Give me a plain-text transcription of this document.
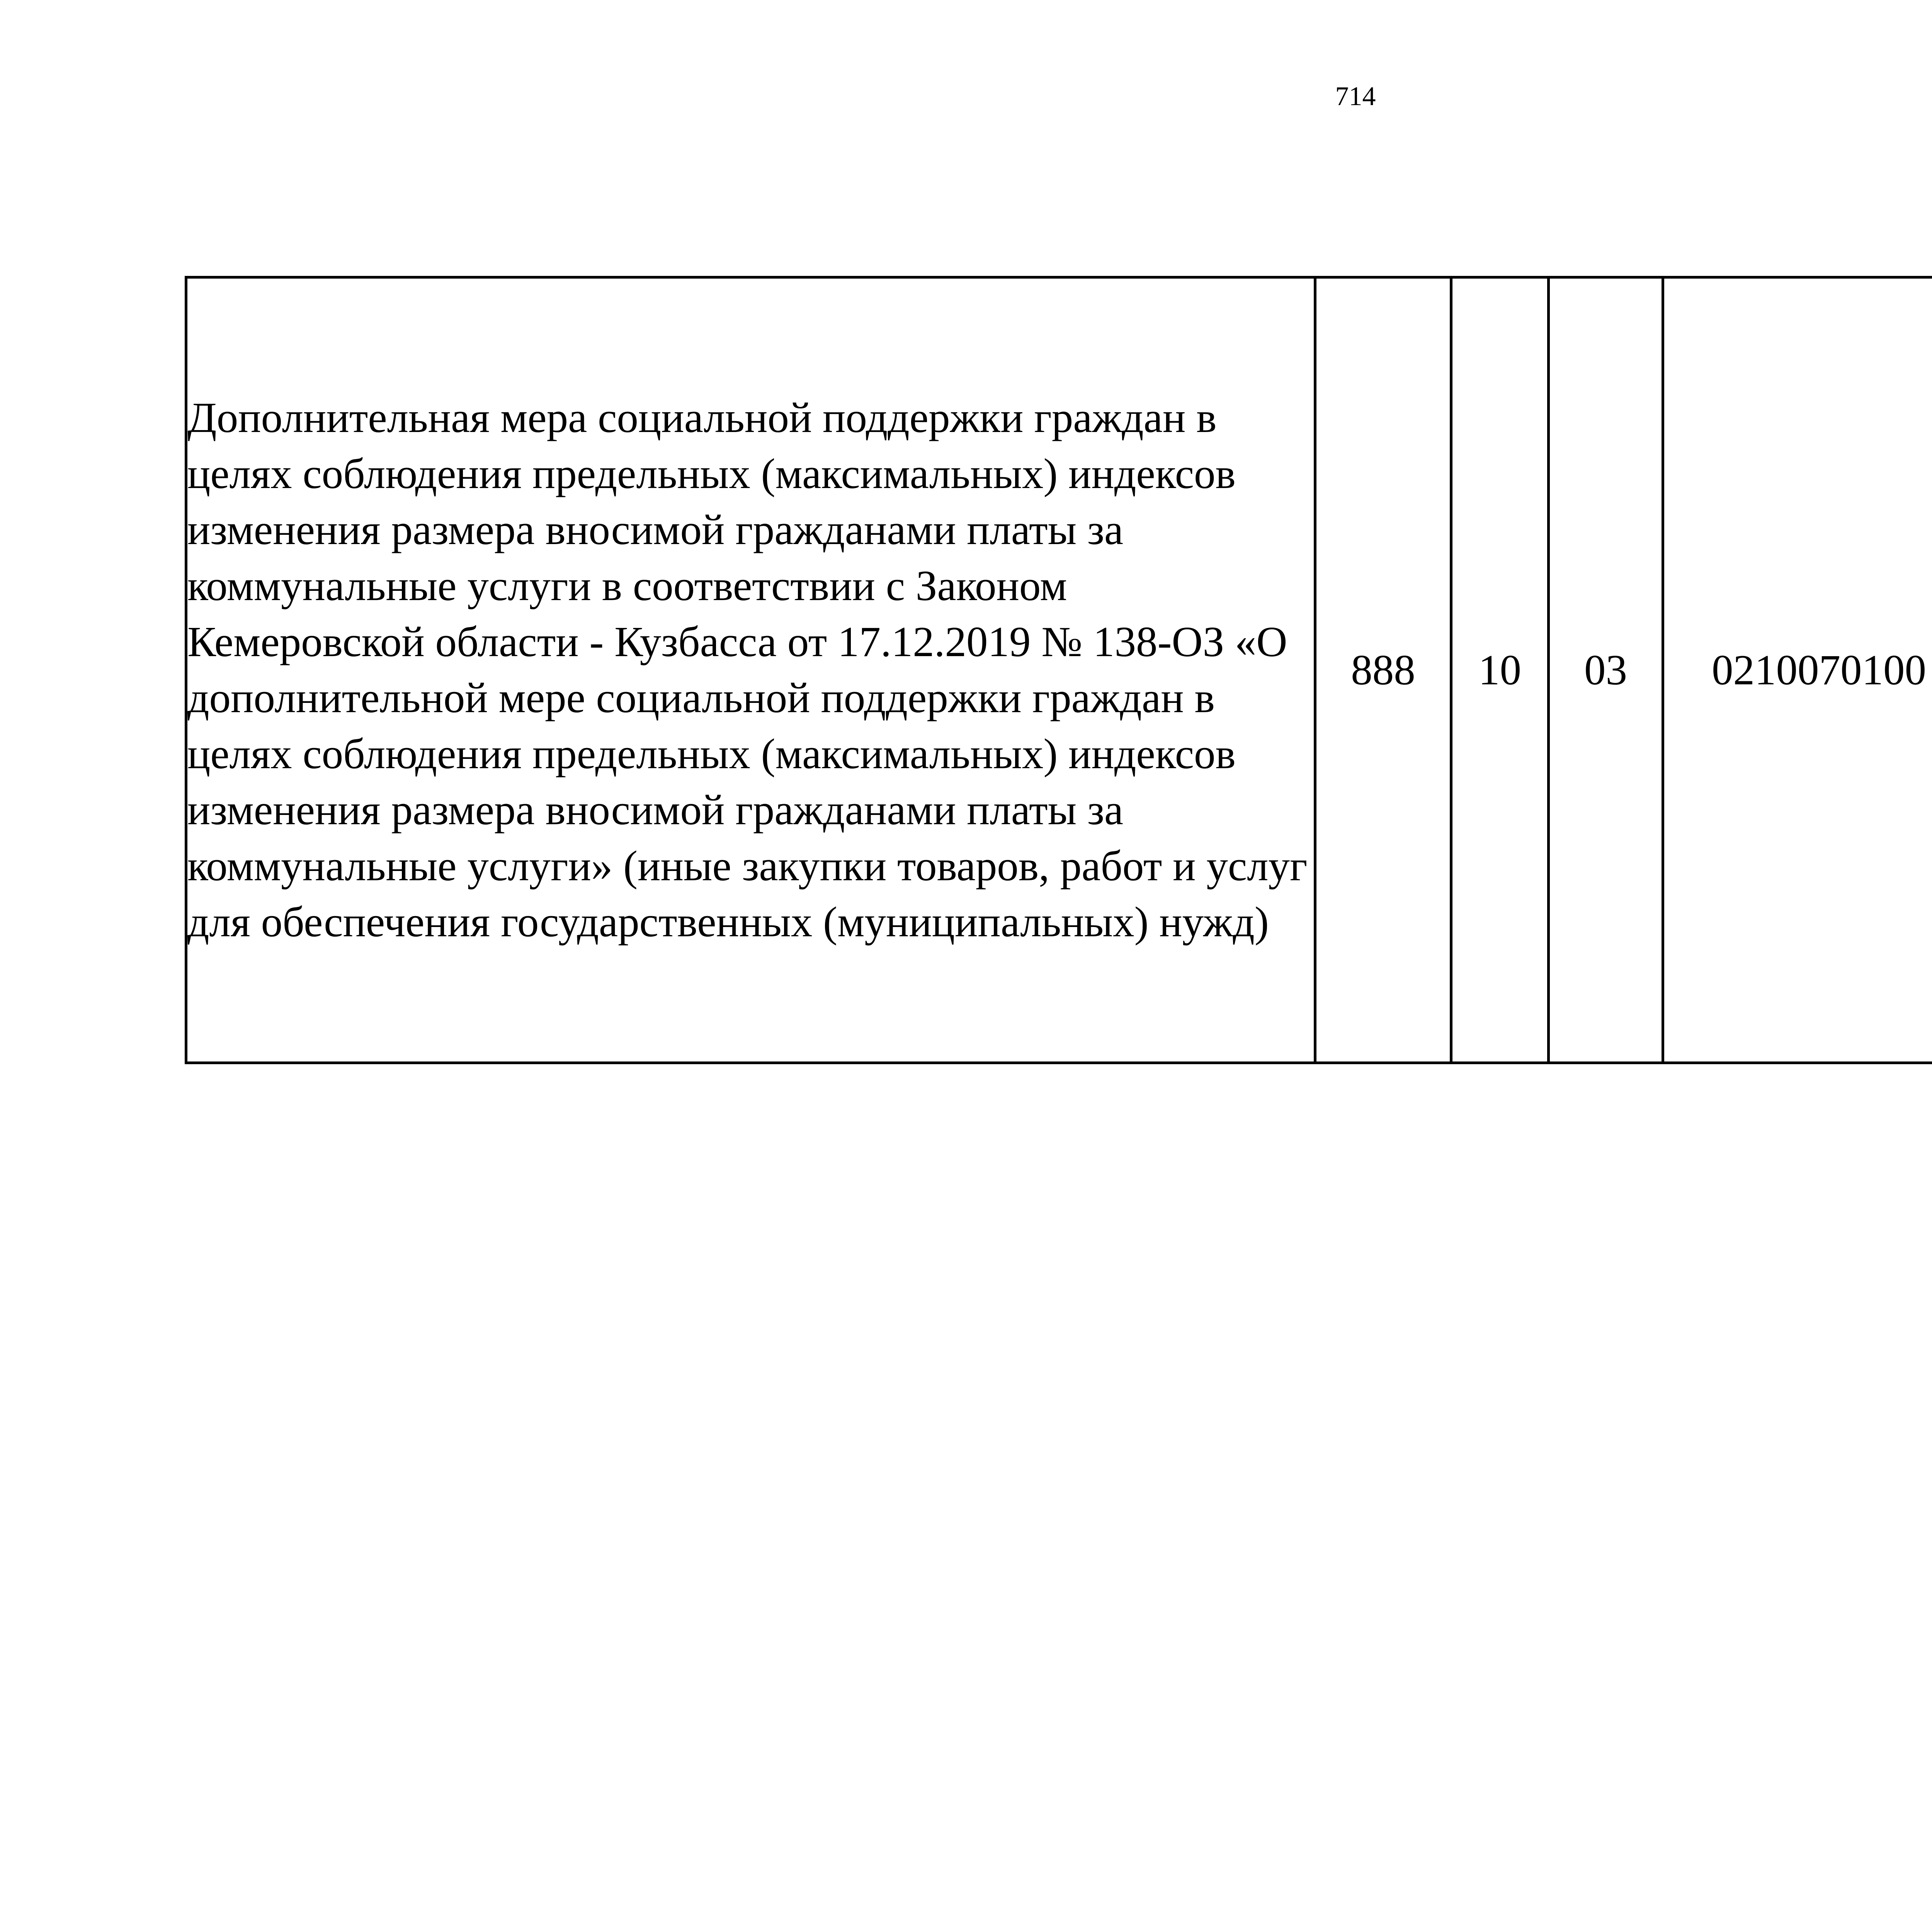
714
Дополнительная мера социальной поддержки граждан в целях соблюдения предельных (максимальных) индексов изменения размера вносимой гражданами платы за коммунальные услуги в соответствии с Законом Кемеровской области - Кузбасса от 17.12.2019 № 138-ОЗ «О дополнительной мере социальной поддержки граждан в целях соблюдения предельных (максимальных) индексов изменения размера вносимой гражданами платы за коммунальные услуги» (иные закупки товаров, работ и услуг для обеспечения государственных (муниципальных) нужд)	888	10	03	0210070100		
